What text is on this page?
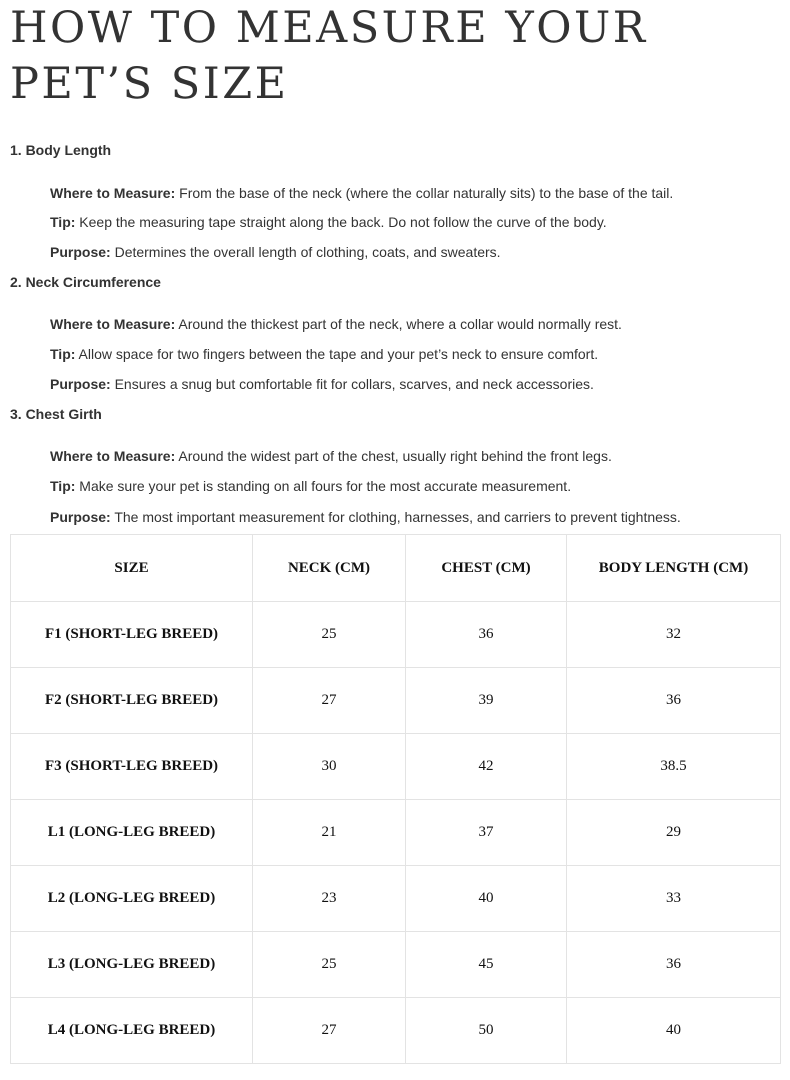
HOW TO MEASURE YOUR PET’S SIZE

1. Body Length

Where to Measure: From the base of the neck (where the collar naturally sits) to the base of the tail.

Tip: Keep the measuring tape straight along the back. Do not follow the curve of the body.

Purpose: Determines the overall length of clothing, coats, and sweaters.

2. Neck Circumference

Where to Measure: Around the thickest part of the neck, where a collar would normally rest.

Tip: Allow space for two fingers between the tape and your pet’s neck to ensure comfort.

Purpose: Ensures a snug but comfortable fit for collars, scarves, and neck accessories.

3. Chest Girth

Where to Measure: Around the widest part of the chest, usually right behind the front legs.

Tip: Make sure your pet is standing on all fours for the most accurate measurement.

Purpose: The most important measurement for clothing, harnesses, and carriers to prevent tightness.

SIZE	NECK (CM)	CHEST (CM)	BODY LENGTH (CM)
F1 (SHORT-LEG BREED)	25	36	32
F2 (SHORT-LEG BREED)	27	39	36
F3 (SHORT-LEG BREED)	30	42	38.5
L1 (LONG-LEG BREED)	21	37	29
L2 (LONG-LEG BREED)	23	40	33
L3 (LONG-LEG BREED)	25	45	36
L4 (LONG-LEG BREED)	27	50	40
